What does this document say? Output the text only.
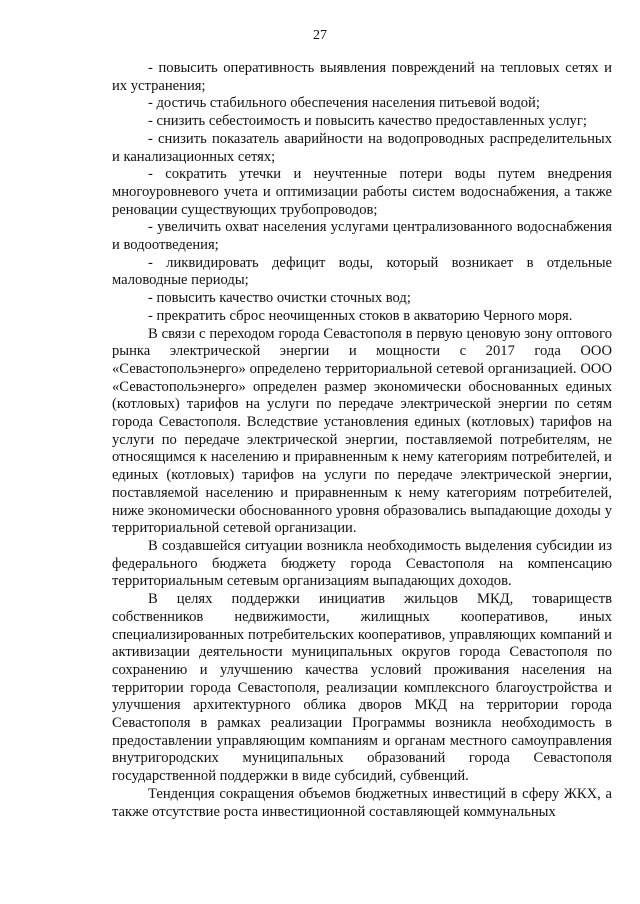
27

- повысить оперативность выявления повреждений на тепловых сетях и их устранения;

- достичь стабильного обеспечения населения питьевой водой;

- снизить себестоимость и повысить качество предоставленных услуг;

- снизить показатель аварийности на водопроводных распределительных и канализационных сетях;

- сократить утечки и неучтенные потери воды путем внедрения многоуровневого учета и оптимизации работы систем водоснабжения, а также реновации существующих трубопроводов;

- увеличить охват населения услугами централизованного водоснабжения и водоотведения;

- ликвидировать дефицит воды, который возникает в отдельные маловодные периоды;

- повысить качество очистки сточных вод;

- прекратить сброс неочищенных стоков в акваторию Черного моря.

В связи с переходом города Севастополя в первую ценовую зону оптового рынка электрической энергии и мощности с 2017 года ООО «Севастопольэнерго» определено территориальной сетевой организацией. ООО «Севастопольэнерго» определен размер экономически обоснованных единых (котловых) тарифов на услуги по передаче электрической энергии по сетям города Севастополя. Вследствие установления единых (котловых) тарифов на услуги по передаче электрической энергии, поставляемой потребителям, не относящимся к населению и приравненным к нему категориям потребителей, и единых (котловых) тарифов на услуги по передаче электрической энергии, поставляемой населению и приравненным к нему категориям потребителей, ниже экономически обоснованного уровня образовались выпадающие доходы у территориальной сетевой организации.

В создавшейся ситуации возникла необходимость выделения субсидии из федерального бюджета бюджету города Севастополя на компенсацию территориальным сетевым организациям выпадающих доходов.

В целях поддержки инициатив жильцов МКД, товариществ собственников недвижимости, жилищных кооперативов, иных специализированных потребительских кооперативов, управляющих компаний и активизации деятельности муниципальных округов города Севастополя по сохранению и улучшению качества условий проживания населения на территории города Севастополя, реализации комплексного благоустройства и улучшения архитектурного облика дворов МКД на территории города Севастополя в рамках реализации Программы возникла необходимость в предоставлении управляющим компаниям и органам местного самоуправления внутригородских муниципальных образований города Севастополя государственной поддержки в виде субсидий, субвенций.

Тенденция сокращения объемов бюджетных инвестиций в сферу ЖКХ, а также отсутствие роста инвестиционной составляющей коммунальных
